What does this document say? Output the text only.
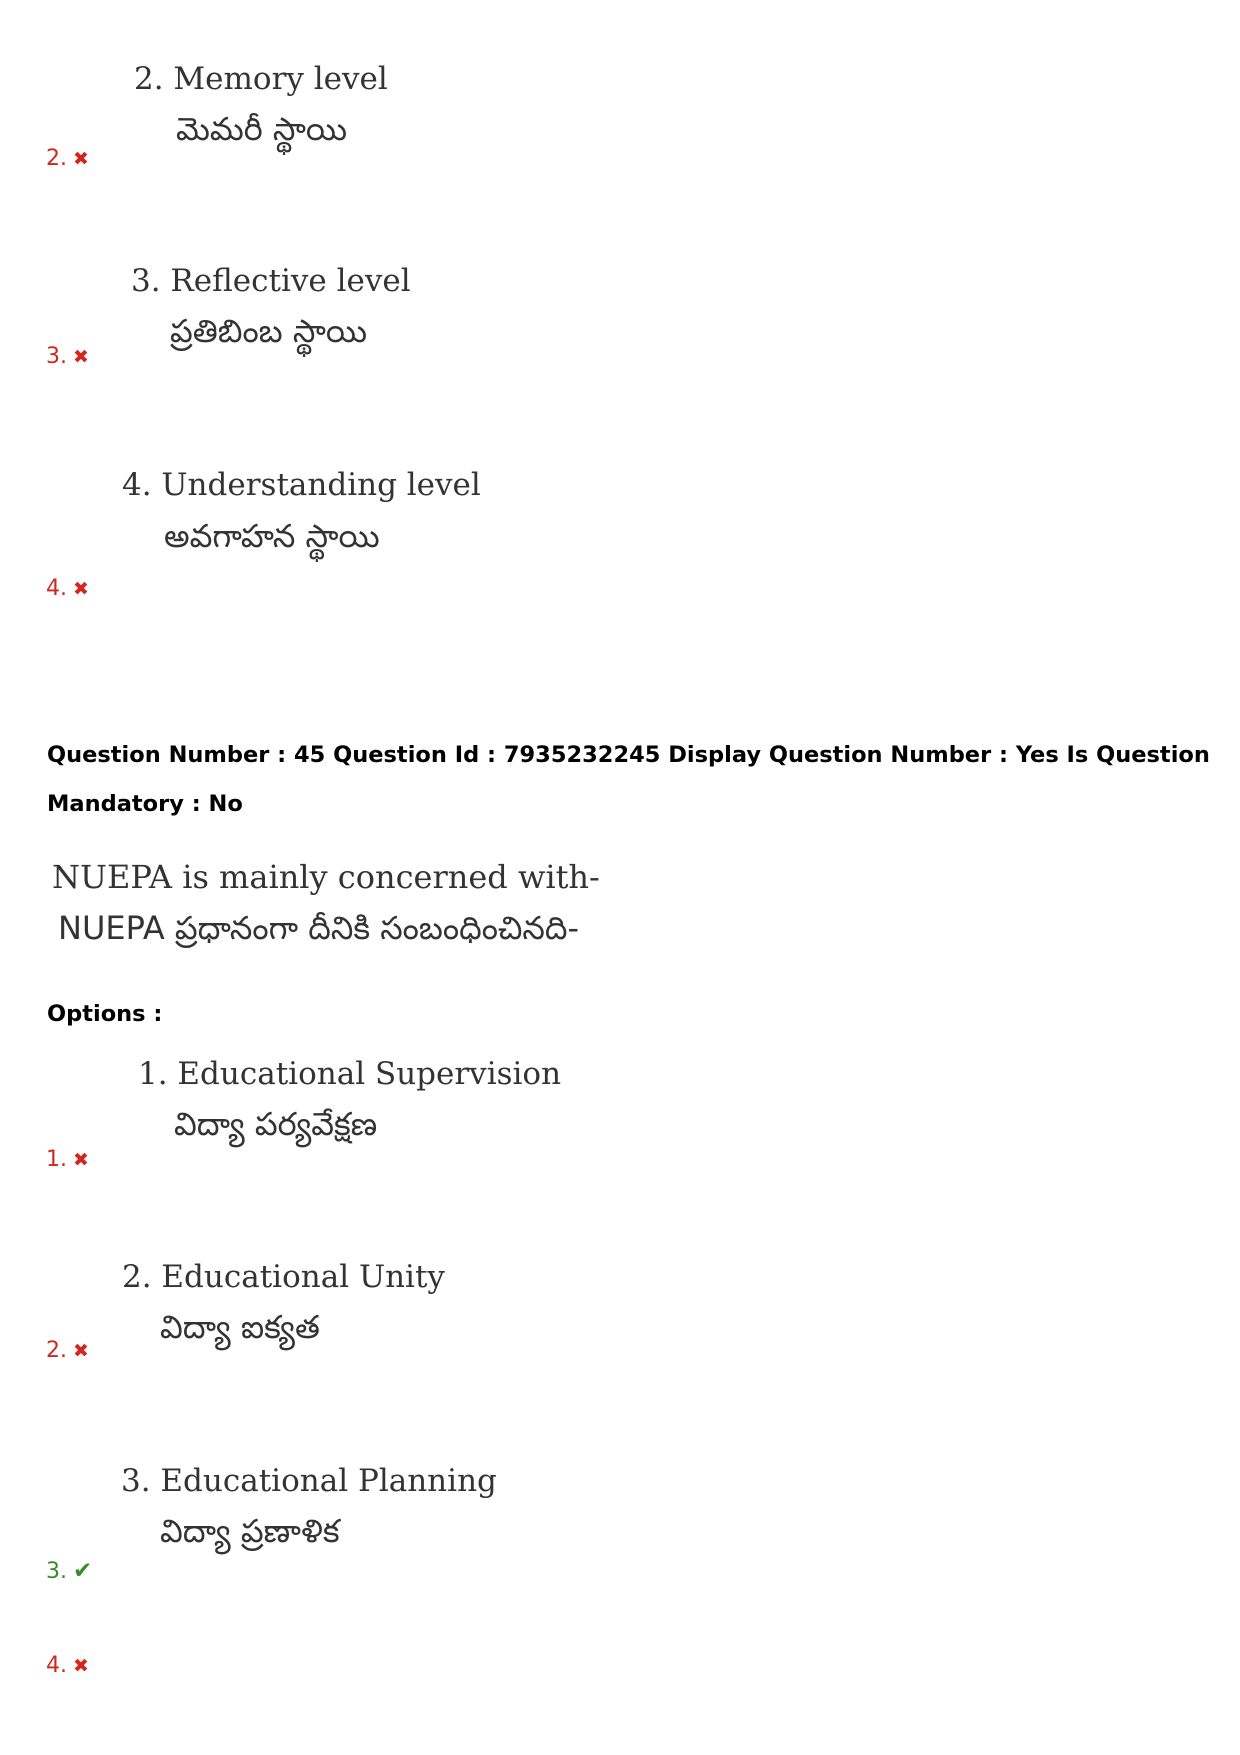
2. Memory level
మెమరీ స్థాయి
2. ✖
3. Reflective level
ప్రతిబింబ స్థాయి
3. ✖
4. Understanding level
అవగాహన స్థాయి
4. ✖
Question Number : 45 Question Id : 7935232245 Display Question Number : Yes Is Question
Mandatory : No
NUEPA is mainly concerned with-
NUEPA ప్రధానంగా దీనికి సంబంధించినది-
Options :
1. Educational Supervision
విద్యా పర్యవేక్షణ
1. ✖
2. Educational Unity
విద్యా ఐక్యత
2. ✖
3. Educational Planning
విద్యా ప్రణాళిక
3. ✔
4. ✖
